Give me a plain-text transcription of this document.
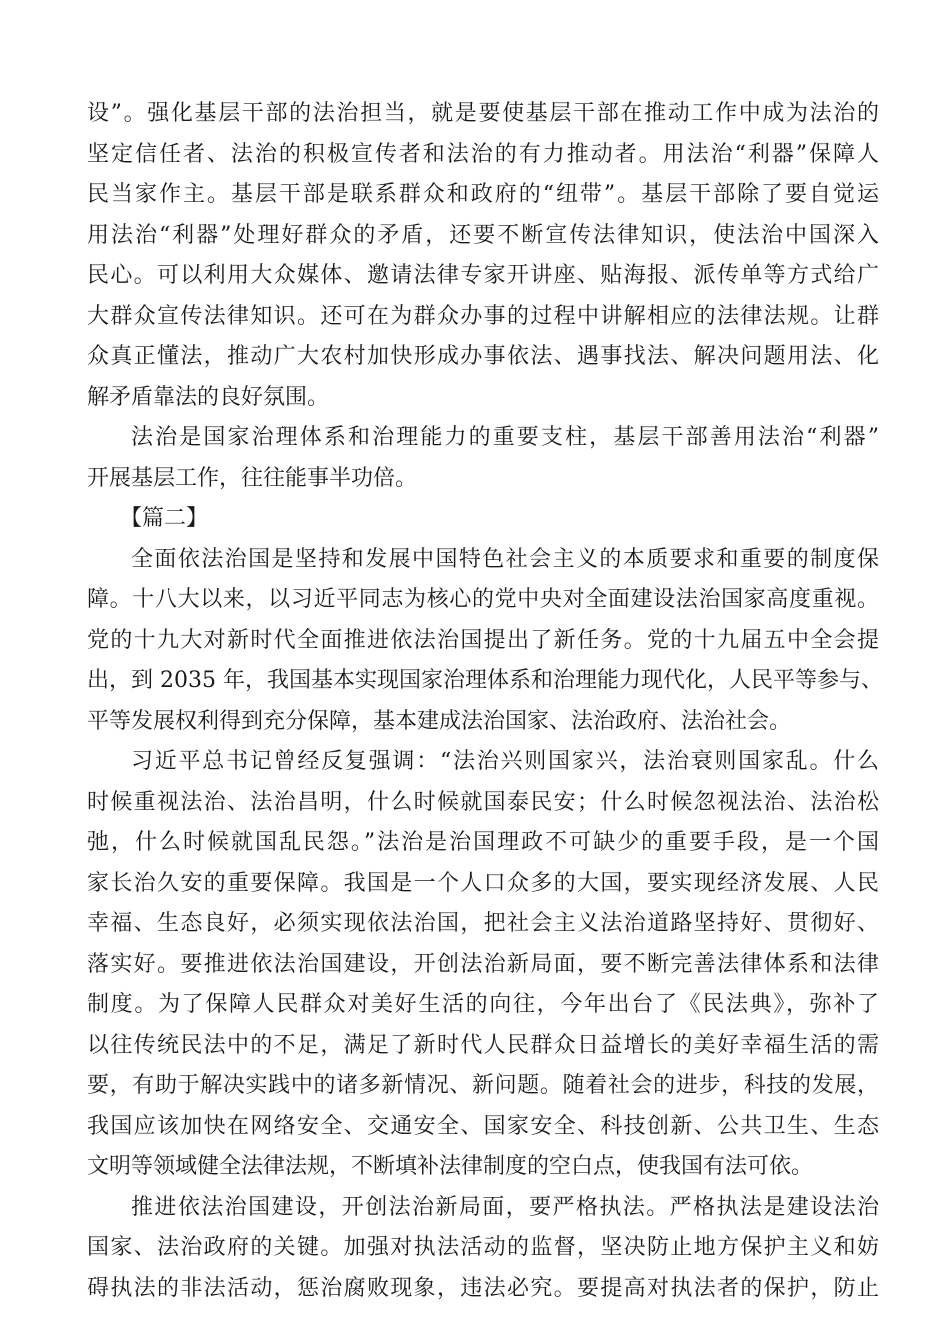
设”。强化基层干部的法治担当，就是要使基层干部在推动工作中成为法治的
坚定信任者、法治的积极宣传者和法治的有力推动者。用法治“利器”保障人
民当家作主。基层干部是联系群众和政府的“纽带”。基层干部除了要自觉运
用法治“利器”处理好群众的矛盾，还要不断宣传法律知识，使法治中国深入
民心。可以利用大众媒体、邀请法律专家开讲座、贴海报、派传单等方式给广
大群众宣传法律知识。还可在为群众办事的过程中讲解相应的法律法规。让群
众真正懂法，推动广大农村加快形成办事依法、遇事找法、解决问题用法、化
解矛盾靠法的良好氛围。
法治是国家治理体系和治理能力的重要支柱，基层干部善用法治“利器”
开展基层工作，往往能事半功倍。
【篇二】
全面依法治国是坚持和发展中国特色社会主义的本质要求和重要的制度保
障。十八大以来，以习近平同志为核心的党中央对全面建设法治国家高度重视。
党的十九大对新时代全面推进依法治国提出了新任务。党的十九届五中全会提
出，到 2035 年，我国基本实现国家治理体系和治理能力现代化，人民平等参与、
平等发展权利得到充分保障，基本建成法治国家、法治政府、法治社会。
习近平总书记曾经反复强调：“法治兴则国家兴，法治衰则国家乱。什么
时候重视法治、法治昌明，什么时候就国泰民安；什么时候忽视法治、法治松
弛，什么时候就国乱民怨。”法治是治国理政不可缺少的重要手段，是一个国
家长治久安的重要保障。我国是一个人口众多的大国，要实现经济发展、人民
幸福、生态良好，必须实现依法治国，把社会主义法治道路坚持好、贯彻好、
落实好。要推进依法治国建设，开创法治新局面，要不断完善法律体系和法律
制度。为了保障人民群众对美好生活的向往，今年出台了《民法典》，弥补了
以往传统民法中的不足，满足了新时代人民群众日益增长的美好幸福生活的需
要，有助于解决实践中的诸多新情况、新问题。随着社会的进步，科技的发展，
我国应该加快在网络安全、交通安全、国家安全、科技创新、公共卫生、生态
文明等领域健全法律法规，不断填补法律制度的空白点，使我国有法可依。
推进依法治国建设，开创法治新局面，要严格执法。严格执法是建设法治
国家、法治政府的关键。加强对执法活动的监督，坚决防止地方保护主义和妨
碍执法的非法活动，惩治腐败现象，违法必究。要提高对执法者的保护，防止
